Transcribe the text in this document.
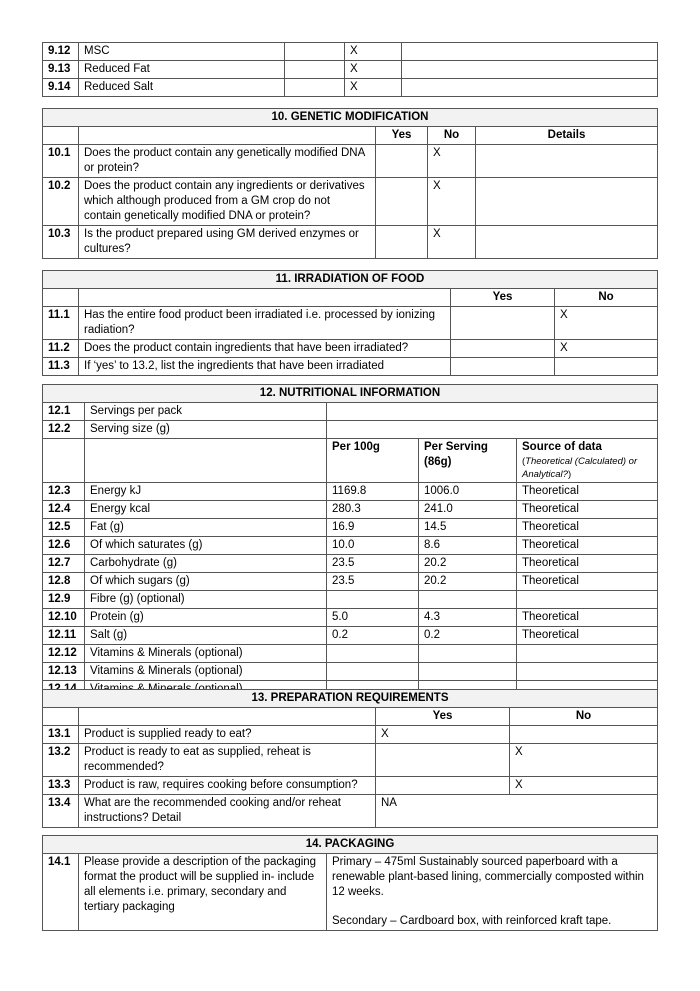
9.12	MSC		X	
9.13	Reduced Fat		X	
9.14	Reduced Salt		X	
10. GENETIC MODIFICATION				
		Yes	No	Details
10.1	Does the product contain any genetically modified DNA or protein?		X	
10.2	Does the product contain any ingredients or derivatives which although produced from a GM crop do not contain genetically modified DNA or protein?		X	
10.3	Is the product prepared using GM derived enzymes or cultures?		X	
11. IRRADIATION OF FOOD			
		Yes	No
11.1	Has the entire food product been irradiated i.e. processed by ionizing radiation?		X
11.2	Does the product contain ingredients that have been irradiated?		X
11.3	If ‘yes’ to 13.2, list the ingredients that have been irradiated		
12. NUTRITIONAL INFORMATION				
12.1	Servings per pack			
12.2	Serving size (g)			
		Per 100g	Per Serving (86g)	Source of data
(Theoretical (Calculated) or Analytical?)

12.3	Energy kJ	1169.8	1006.0	Theoretical
12.4	Energy kcal	280.3	241.0	Theoretical
12.5	Fat (g)	16.9	14.5	Theoretical
12.6	Of which saturates (g)	10.0	8.6	Theoretical
12.7	Carbohydrate (g)	23.5	20.2	Theoretical
12.8	Of which sugars (g)	23.5	20.2	Theoretical
12.9	Fibre (g) (optional)			
12.10	Protein (g)	5.0	4.3	Theoretical
12.11	Salt (g)	0.2	0.2	Theoretical
12.12	Vitamins & Minerals (optional)			
12.13	Vitamins & Minerals (optional)			

13. PREPARATION REQUIREMENTS			
		Yes	No
13.1	Product is supplied ready to eat?	X	
13.2	Product is ready to eat as supplied, reheat is recommended?		X
13.3	Product is raw, requires cooking before consumption?		X
13.4	What are the recommended cooking and/or reheat instructions? Detail	NA	
14. PACKAGING
14.1	Please provide a description of the packaging format the product will be supplied in- include all elements i.e. primary, secondary and tertiary packaging	
Primary – 475ml Sustainably sourced paperboard with a renewable plant-based lining, commercially composted within 12 weeks.
Secondary – Cardboard box, with reinforced kraft tape.
